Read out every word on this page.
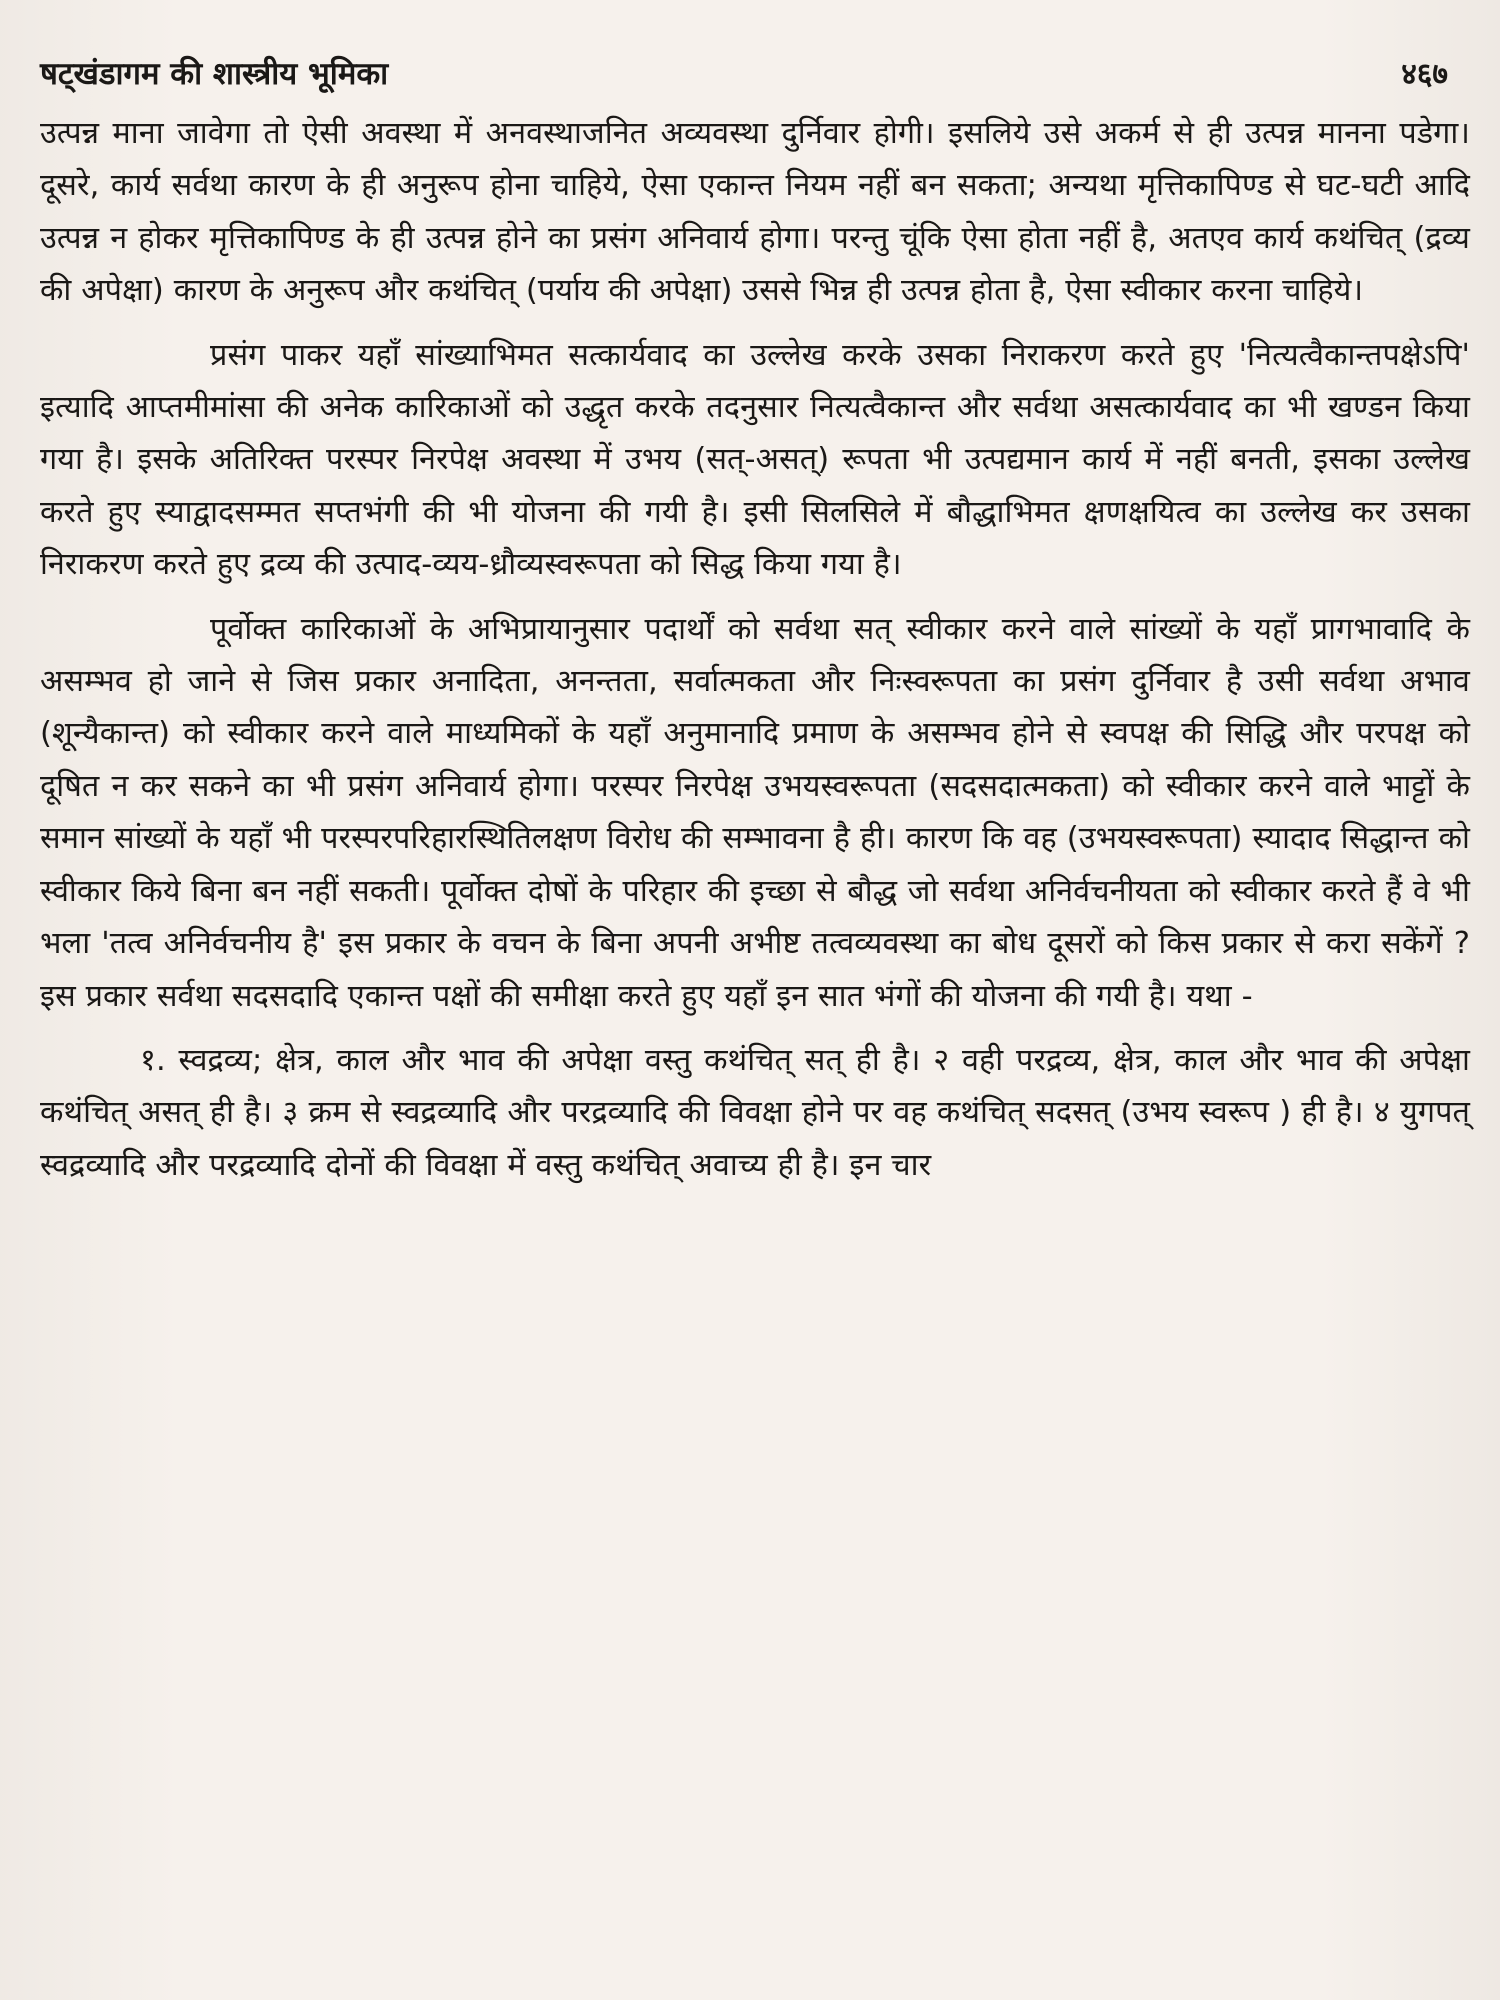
षट्खंडागम की शास्त्रीय भूमिका	४६७

उत्पन्न माना जावेगा तो ऐसी अवस्था में अनवस्थाजनित अव्यवस्था दुर्निवार होगी। इसलिये उसे अकर्म से ही उत्पन्न मानना पडेगा। दूसरे, कार्य सर्वथा कारण के ही अनुरूप होना चाहिये, ऐसा एकान्त नियम नहीं बन सकता; अन्यथा मृत्तिकापिण्ड से घट-घटी आदि उत्पन्न न होकर मृत्तिकापिण्ड के ही उत्पन्न होने का प्रसंग अनिवार्य होगा। परन्तु चूंकि ऐसा होता नहीं है, अतएव कार्य कथंचित् (द्रव्य की अपेक्षा) कारण के अनुरूप और कथंचित् (पर्याय की अपेक्षा) उससे भिन्न ही उत्पन्न होता है, ऐसा स्वीकार करना चाहिये।

प्रसंग पाकर यहाँ सांख्याभिमत सत्कार्यवाद का उल्लेख करके उसका निराकरण करते हुए 'नित्यत्वैकान्तपक्षेऽपि' इत्यादि आप्तमीमांसा की अनेक कारिकाओं को उद्धृत करके तदनुसार नित्यत्वैकान्त और सर्वथा असत्कार्यवाद का भी खण्डन किया गया है। इसके अतिरिक्त परस्पर निरपेक्ष अवस्था में उभय (सत्-असत्) रूपता भी उत्पद्यमान कार्य में नहीं बनती, इसका उल्लेख करते हुए स्याद्वादसम्मत सप्तभंगी की भी योजना की गयी है। इसी सिलसिले में बौद्धाभिमत क्षणक्षयित्व का उल्लेख कर उसका निराकरण करते हुए द्रव्य की उत्पाद-व्यय-ध्रौव्यस्वरूपता को सिद्ध किया गया है।

पूर्वोक्त कारिकाओं के अभिप्रायानुसार पदार्थों को सर्वथा सत् स्वीकार करने वाले सांख्यों के यहाँ प्रागभावादि के असम्भव हो जाने से जिस प्रकार अनादिता, अनन्तता, सर्वात्मकता और निःस्वरूपता का प्रसंग दुर्निवार है उसी सर्वथा अभाव (शून्यैकान्त) को स्वीकार करने वाले माध्यमिकों के यहाँ अनुमानादि प्रमाण के असम्भव होने से स्वपक्ष की सिद्धि और परपक्ष को दूषित न कर सकने का भी प्रसंग अनिवार्य होगा। परस्पर निरपेक्ष उभयस्वरूपता (सदसदात्मकता) को स्वीकार करने वाले भाट्टों के समान सांख्यों के यहाँ भी परस्परपरिहारस्थितिलक्षण विरोध की सम्भावना है ही। कारण कि वह (उभयस्वरूपता) स्यादाद सिद्धान्त को स्वीकार किये बिना बन नहीं सकती। पूर्वोक्त दोषों के परिहार की इच्छा से बौद्ध जो सर्वथा अनिर्वचनीयता को स्वीकार करते हैं वे भी भला 'तत्व अनिर्वचनीय है' इस प्रकार के वचन के बिना अपनी अभीष्ट तत्वव्यवस्था का बोध दूसरों को किस प्रकार से करा सकेंगें ? इस प्रकार सर्वथा सदसदादि एकान्त पक्षों की समीक्षा करते हुए यहाँ इन सात भंगों की योजना की गयी है। यथा -

१. स्वद्रव्य; क्षेत्र, काल और भाव की अपेक्षा वस्तु कथंचित् सत् ही है। २ वही परद्रव्य, क्षेत्र, काल और भाव की अपेक्षा कथंचित् असत् ही है। ३ क्रम से स्वद्रव्यादि और परद्रव्यादि की विवक्षा होने पर वह कथंचित् सदसत् (उभय स्वरूप ) ही है। ४ युगपत् स्वद्रव्यादि और परद्रव्यादि दोनों की विवक्षा में वस्तु कथंचित् अवाच्य ही है। इन चार
